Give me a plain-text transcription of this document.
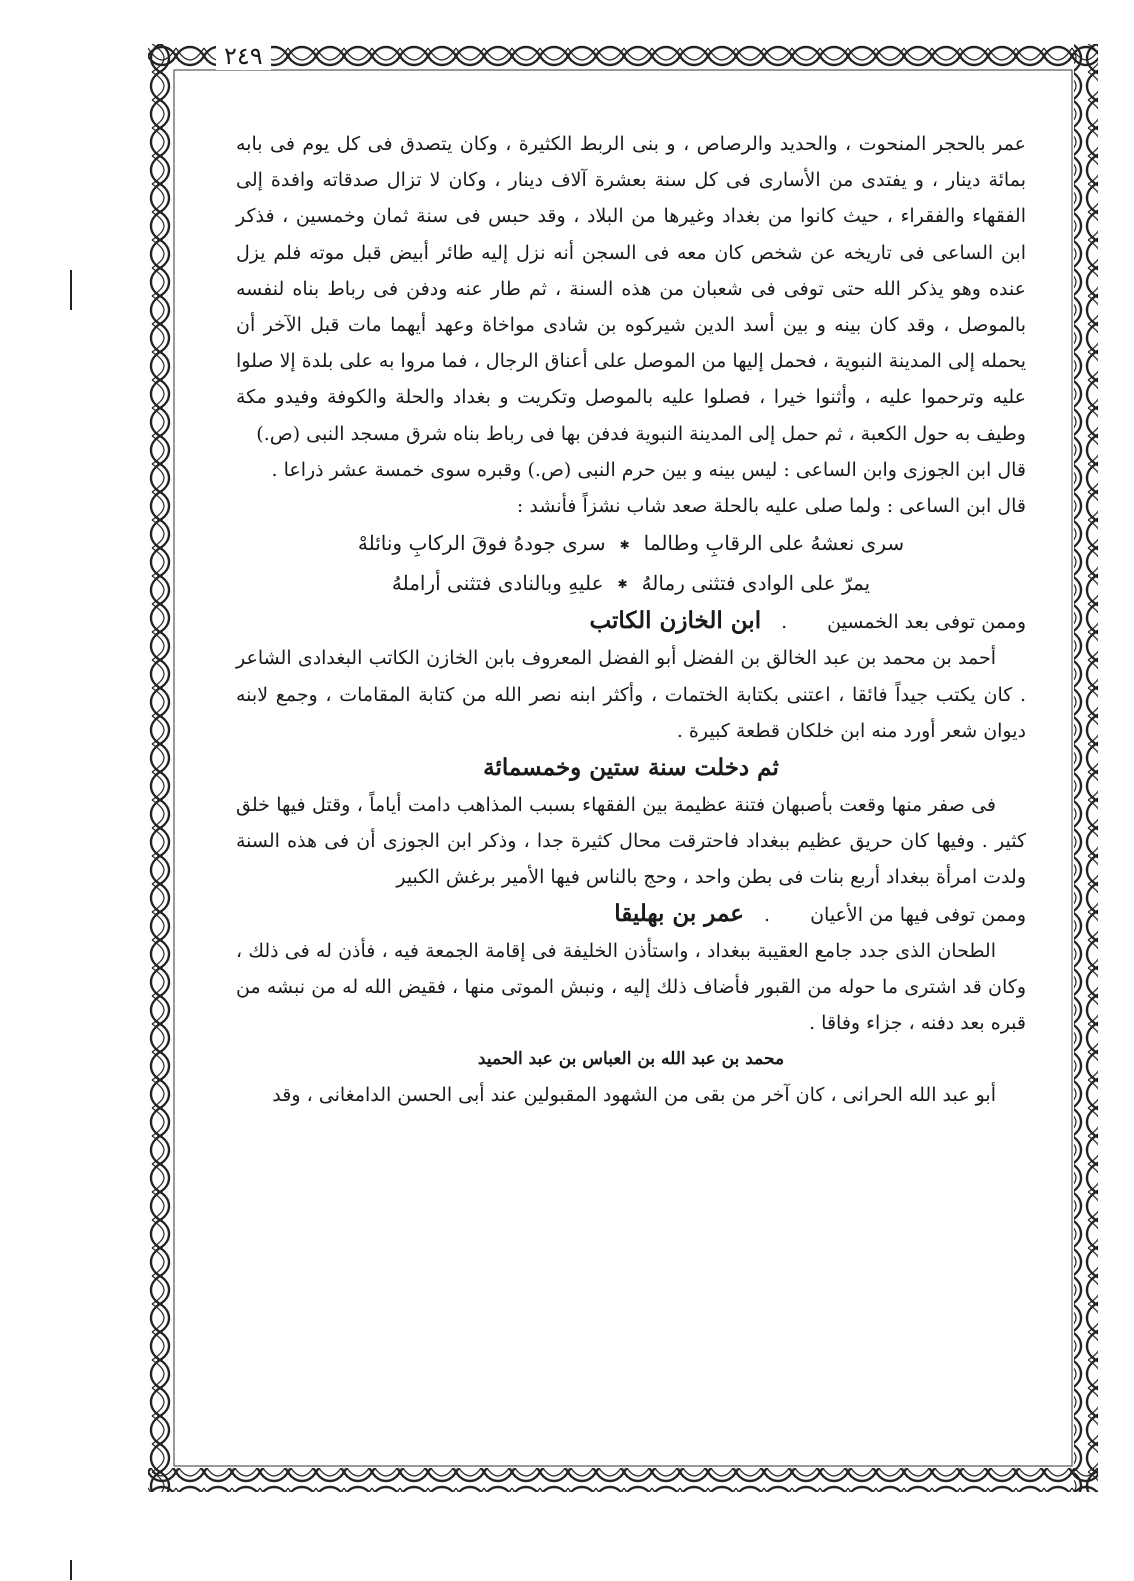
٢٤٩

عمر بالحجر المنحوت ، والحديد والرصاص ، و بنى الربط الكثيرة ، وكان يتصدق فى كل يوم فى بابه بمائة دينار ، و يفتدى من الأسارى فى كل سنة بعشرة آلاف دينار ، وكان لا تزال صدقاته وافدة إلى الفقهاء والفقراء ، حيث كانوا من بغداد وغيرها من البلاد ، وقد حبس فى سنة ثمان وخمسين ، فذكر ابن الساعى فى تاريخه عن شخص كان معه فى السجن أنه نزل إليه طائر أبيض قبل موته فلم يزل عنده وهو يذكر الله حتى توفى فى شعبان من هذه السنة ، ثم طار عنه ودفن فى رباط بناه لنفسه بالموصل ، وقد كان بينه و بين أسد الدين شيركوه بن شادى مواخاة وعهد أيهما مات قبل الآخر أن يحمله إلى المدينة النبوية ، فحمل إليها من الموصل على أعناق الرجال ، فما مروا به على بلدة إلا صلوا عليه وترحموا عليه ، وأثنوا خيرا ، فصلوا عليه بالموصل وتكريت و بغداد والحلة والكوفة وفيدو مكة وطيف به حول الكعبة ، ثم حمل إلى المدينة النبوية فدفن بها فى رباط بناه شرق مسجد النبى (ص.)

قال ابن الجوزى وابن الساعى : ليس بينه و بين حرم النبى (ص.) وقبره سوى خمسة عشر ذراعا .

قال ابن الساعى : ولما صلى عليه بالحلة صعد شاب نشزاً فأنشد :

سرى نعشهُ على الرقابِ وطالما✱سرى جودهُ فوقَ الركابِ ونائلهْ
يمرّ على الوادى فتثنى رمالهُ✱عليهِ وبالنادى فتثنى أراملهُ
وممن توفى بعد الخمسين
.
ابن الخازن الكاتب

أحمد بن محمد بن عبد الخالق بن الفضل أبو الفضل المعروف بابن الخازن الكاتب البغدادى الشاعر . كان يكتب جيداً فائقا ، اعتنى بكتابة الختمات ، وأكثر ابنه نصر الله من كتابة المقامات ، وجمع لابنه ديوان شعر أورد منه ابن خلكان قطعة كبيرة .

ثم دخلت سنة ستين وخمسمائة

فى صفر منها وقعت بأصبهان فتنة عظيمة بين الفقهاء بسبب المذاهب دامت أياماً ، وقتل فيها خلق كثير . وفيها كان حريق عظيم ببغداد فاحترقت محال كثيرة جدا ، وذكر ابن الجوزى أن فى هذه السنة ولدت امرأة ببغداد أربع بنات فى بطن واحد ، وحج بالناس فيها الأمير برغش الكبير

وممن توفى فيها من الأعيان
.
عمر بن بهليقا

الطحان الذى جدد جامع العقيبة ببغداد ، واستأذن الخليفة فى إقامة الجمعة فيه ، فأذن له فى ذلك ، وكان قد اشترى ما حوله من القبور فأضاف ذلك إليه ، ونبش الموتى منها ، فقيض الله له من نبشه من قبره بعد دفنه ، جزاء وفاقا .

محمد بن عبد الله بن العباس بن عبد الحميد

أبو عبد الله الحرانى ، كان آخر من بقى من الشهود المقبولين عند أبى الحسن الدامغانى ، وقد
